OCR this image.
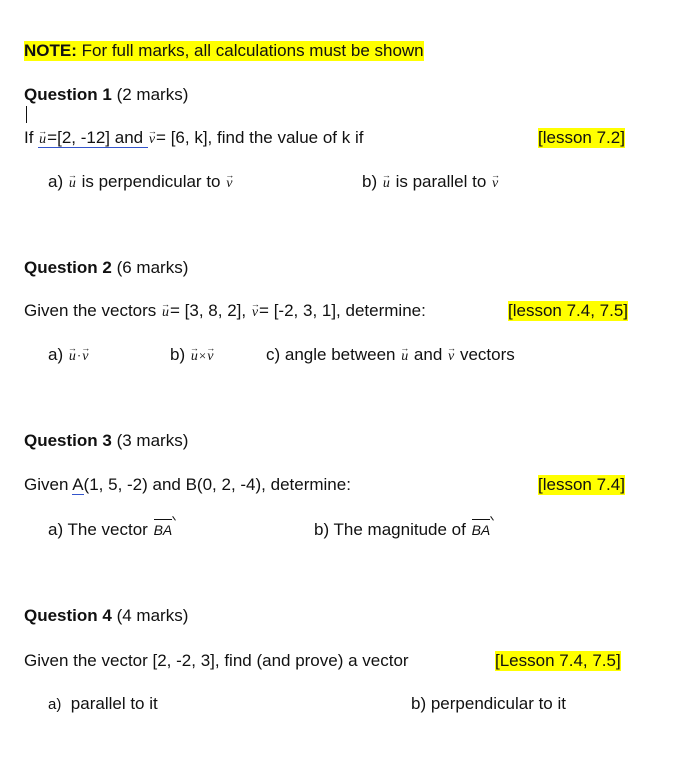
NOTE: For full marks, all calculations must be shown
Question 1 (2 marks)
If u →=[2, -12] and v →= [6, k], find the value of k if	[lesson 7.2]
a) u → is perpendicular to v →	b) u → is parallel to v →
Question 2 (6 marks)
Given the vectors u →= [3, 8, 2], v →= [-2, 3, 1], determine:	[lesson 7.4, 7.5]
a) u →·v →	b) u →×v →	c) angle between u → and v → vectors
Question 3 (3 marks)
Given A(1, 5, -2) and B(0, 2, -4), determine:	[lesson 7.4]
a) The vector BA	b) The magnitude of BA
Question 4 (4 marks)
Given the vector [2, -2, 3], find (and prove) a vector	[Lesson 7.4, 7.5]
a) parallel to it	b) perpendicular to it
